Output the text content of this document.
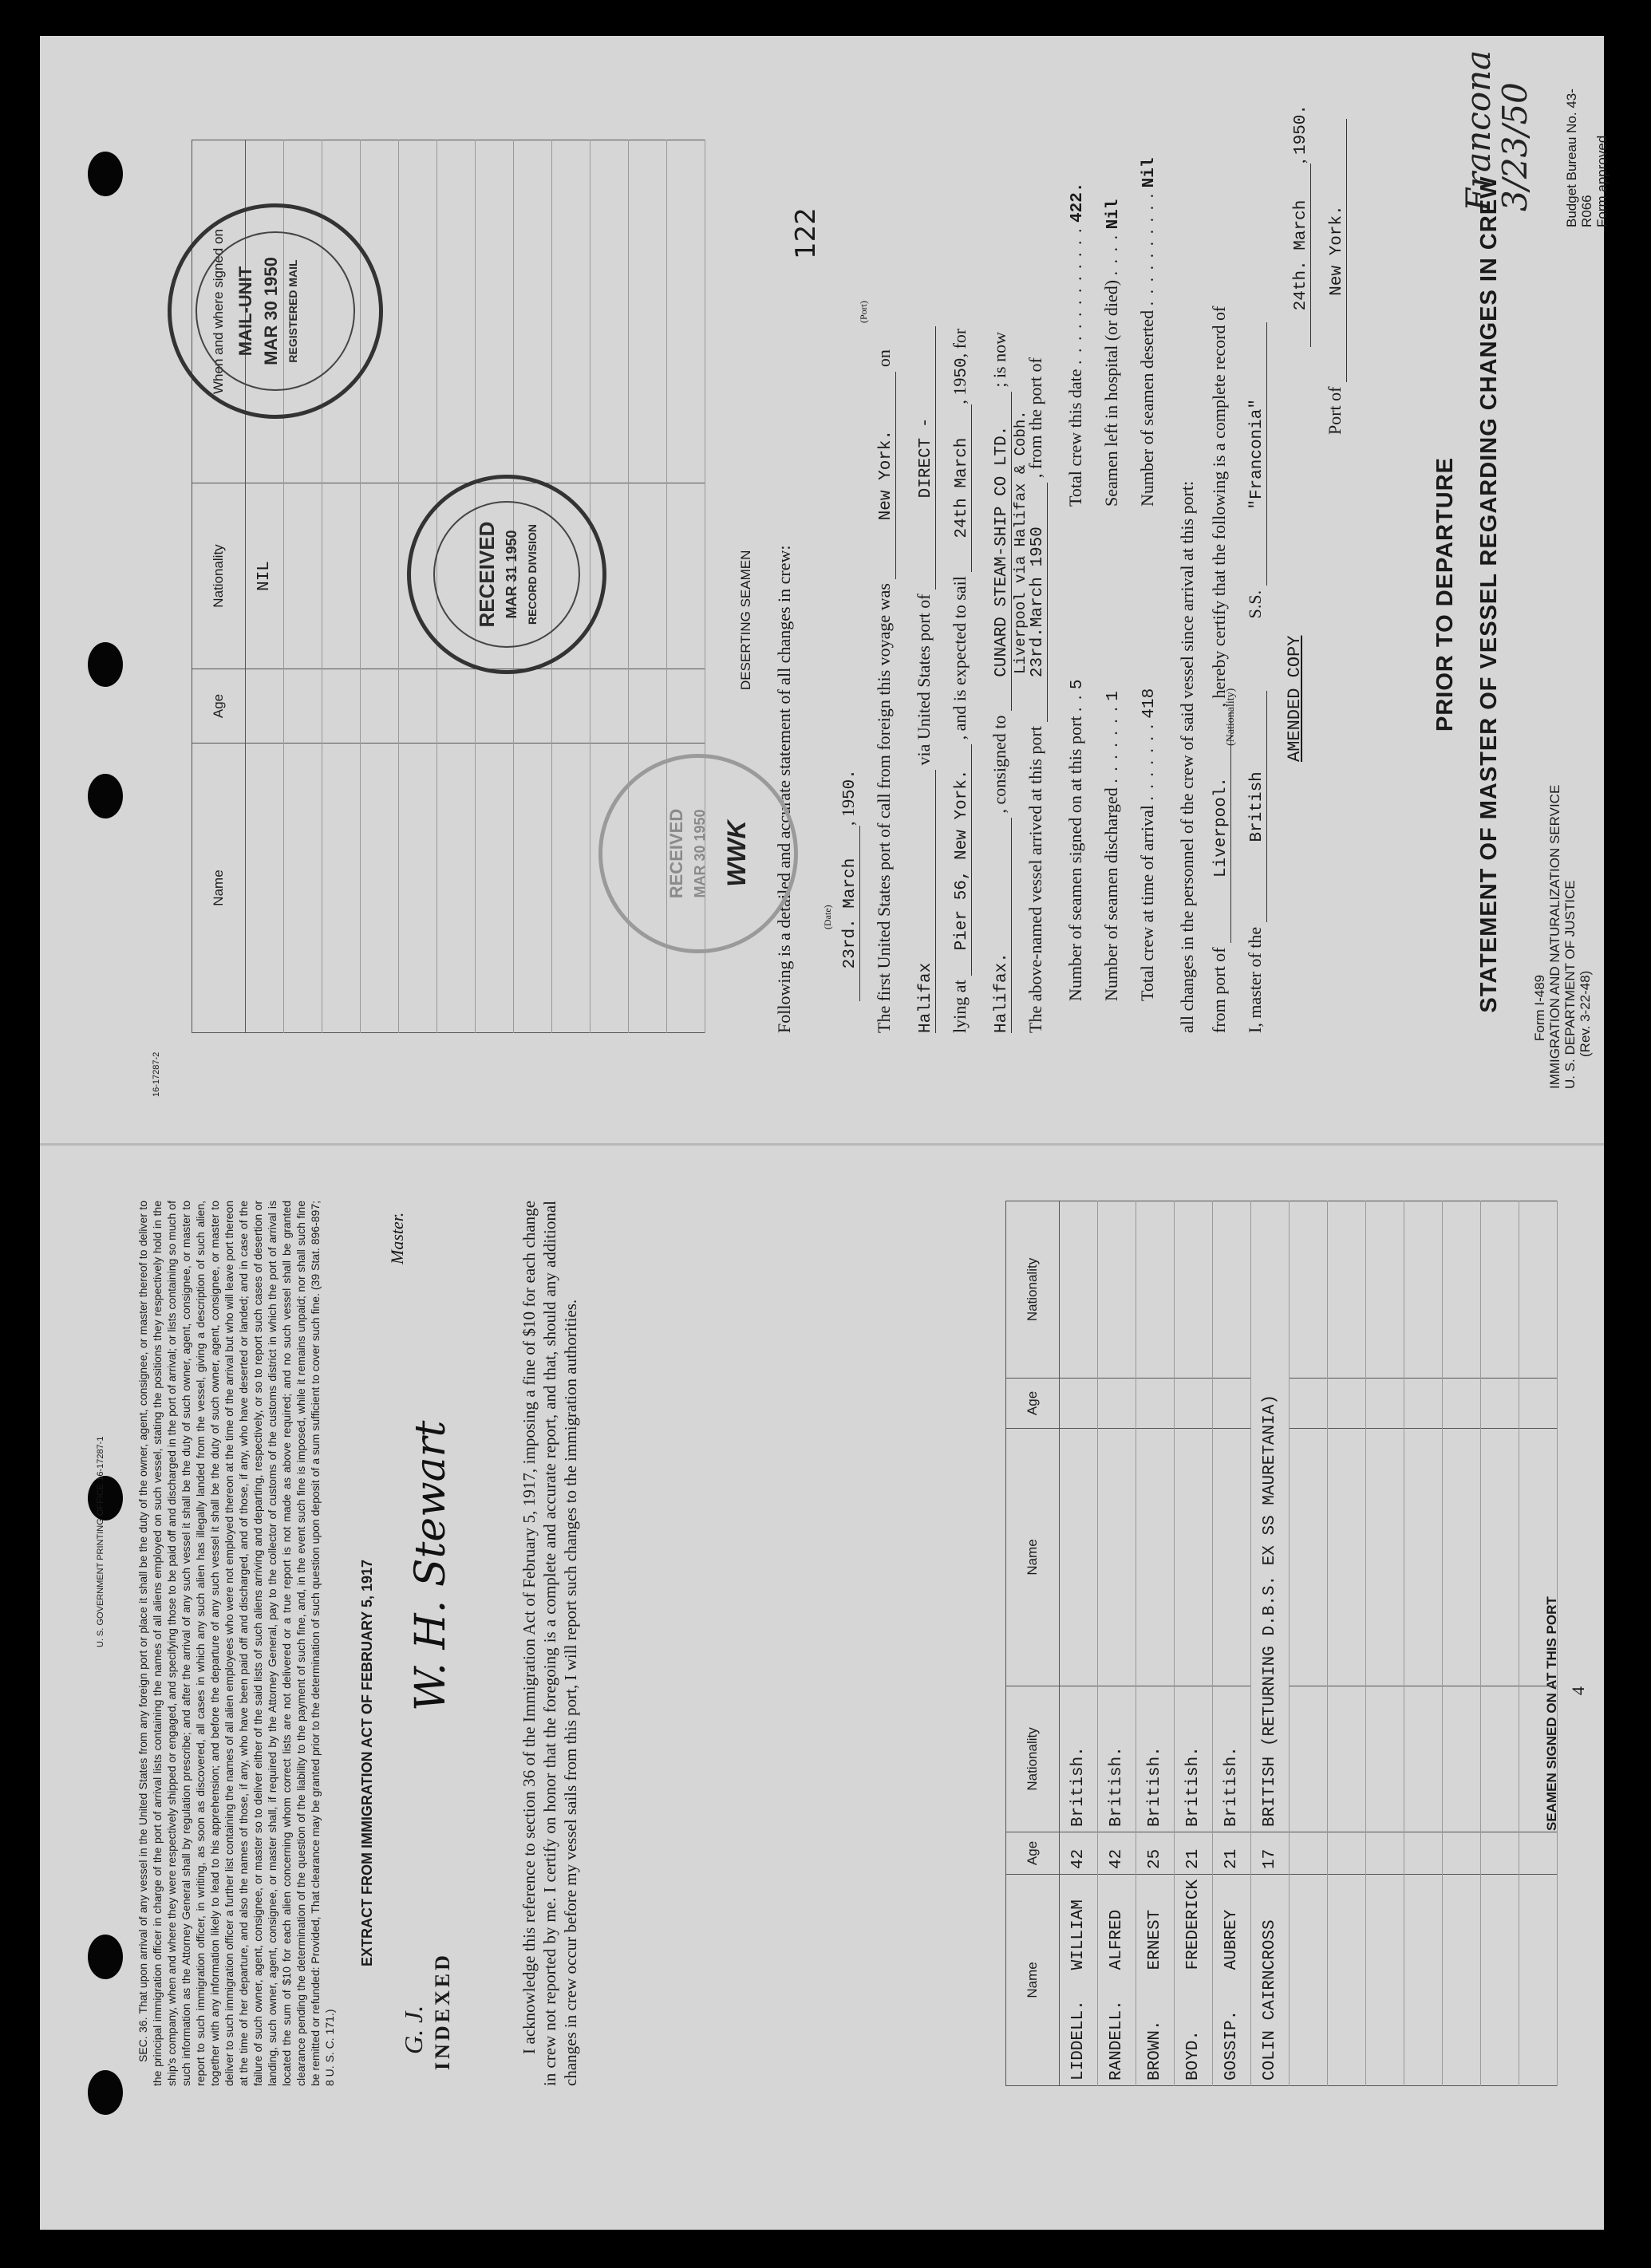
Form I-489 IMMIGRATION AND NATURALIZATION SERVICE U. S. DEPARTMENT OF JUSTICE (Rev. 3-22-48)
Budget Bureau No. 43-R066 Form approved
Francona 3/23/50
STATEMENT OF MASTER OF VESSEL REGARDING CHANGES IN CREW
PRIOR TO DEPARTURE
AMENDED COPY
Port of New York.
24th. March, 1950.
I, master of the British  S.S. "Franconia"
(Nationality)
from port of Liverpool. , hereby certify that the following is a complete record of
all changes in the personnel of the crew of said vessel since arrival at this port:
Total crew at time of arrival . . . . . . . 418
Number of seamen deserted . . . . . . . . . . Nil
Number of seamen discharged . . . . . . . 1
Seamen left in hospital (or died) . . . . Nil
Number of seamen signed on at this port . . 5
Total crew this date . . . . . . . . . . . . 422.
The above-named vessel arrived at this port 23rd.March 1950 , from the port of
Halifax. , consigned to CUNARD STEAM-SHIP CO LTD. ; is now
Liverpool via Halifax & Cobh.
lying at Pier 56, New York. , and is expected to sail 24th March, 1950, for
Halifax via United States port of DIRECT -
The first United States port of call from foreign this voyage was New York. on
(Port)
23rd. March, 1950.
(Date)
122
Following is a detailed and accurate statement of all changes in crew:
DESERTING SEAMEN
Name	Age	Nationality	When and where signed on
		NIL	

16-17287-2
MAIL-UNIT MAR 30 1950 REGISTERED MAIL
RECEIVED MAR 31 1950 RECORD DIVISION
RECEIVED MAR 30 1950 WWK
4
SEAMEN SIGNED ON AT THIS PORT
Name	Age	Nationality	Name	Age	Nationality
LIDDELL.   WILLIAM	42	British.			
RANDELL.   ALFRED	42	British.			
BROWN.     ERNEST	25	British.			
BOYD.      FREDERICK	21	British.			
GOSSIP.    AUBREY	21	British.			
COLIN CAIRNCROSS	17	BRITISH (RETURNING D.B.S. EX SS MAURETANIA)			

I acknowledge this reference to section 36 of the Immigration Act of February 5, 1917, imposing a fine of $10 for each change in crew not reported by me. I certify on honor that the foregoing is a complete and accurate report, and that, should any additional changes in crew occur before my vessel sails from this port, I will report such changes to the immigration authorities.
W. H. Stewart
Master.
INDEXED
G. J.
EXTRACT FROM IMMIGRATION ACT OF FEBRUARY 5, 1917
SEC. 36. That upon arrival of any vessel in the United States from any foreign port or place it shall be the duty of the owner, agent, consignee, or master thereof to deliver to the principal immigration officer in charge of the port of arrival lists containing the names of all aliens employed on such vessel, stating the positions they respectively hold in the ship's company, when and where they were respectively shipped or engaged, and specifying those to be paid off and discharged in the port of arrival; or lists containing so much of such information as the Attorney General shall by regulation prescribe; and after the arrival of any such vessel it shall be the duty of such owner, agent, consignee, or master to report to such immigration officer, in writing, as soon as discovered, all cases in which any such alien has illegally landed from the vessel, giving a description of such alien, together with any information likely to lead to his apprehension; and before the departure of any such vessel it shall be the duty of such owner, agent, consignee, or master to deliver to such immigration officer a further list containing the names of all alien employees who were not employed thereon at the time of the arrival but who will leave port thereon at the time of her departure, and also the names of those, if any, who have been paid off and discharged, and of those, if any, who have deserted or landed; and in case of the failure of such owner, agent, consignee, or master so to deliver either of the said lists of such aliens arriving and departing, respectively, or so to report such cases of desertion or landing, such owner, agent, consignee, or master shall, if required by the Attorney General, pay to the collector of customs of the customs district in which the port of arrival is located the sum of $10 for each alien concerning whom correct lists are not delivered or a true report is not made as above required; and no such vessel shall be granted clearance pending the determination of the question of the liability to the payment of such fine, and, in the event such fine is imposed, while it remains unpaid; nor shall such fine be remitted or refunded: Provided, That clearance may be granted prior to the determination of such question upon deposit of a sum sufficient to cover such fine. (39 Stat. 896-897; 8 U. S. C. 171.)
U. S. GOVERNMENT PRINTING OFFICE 16-17287-1
